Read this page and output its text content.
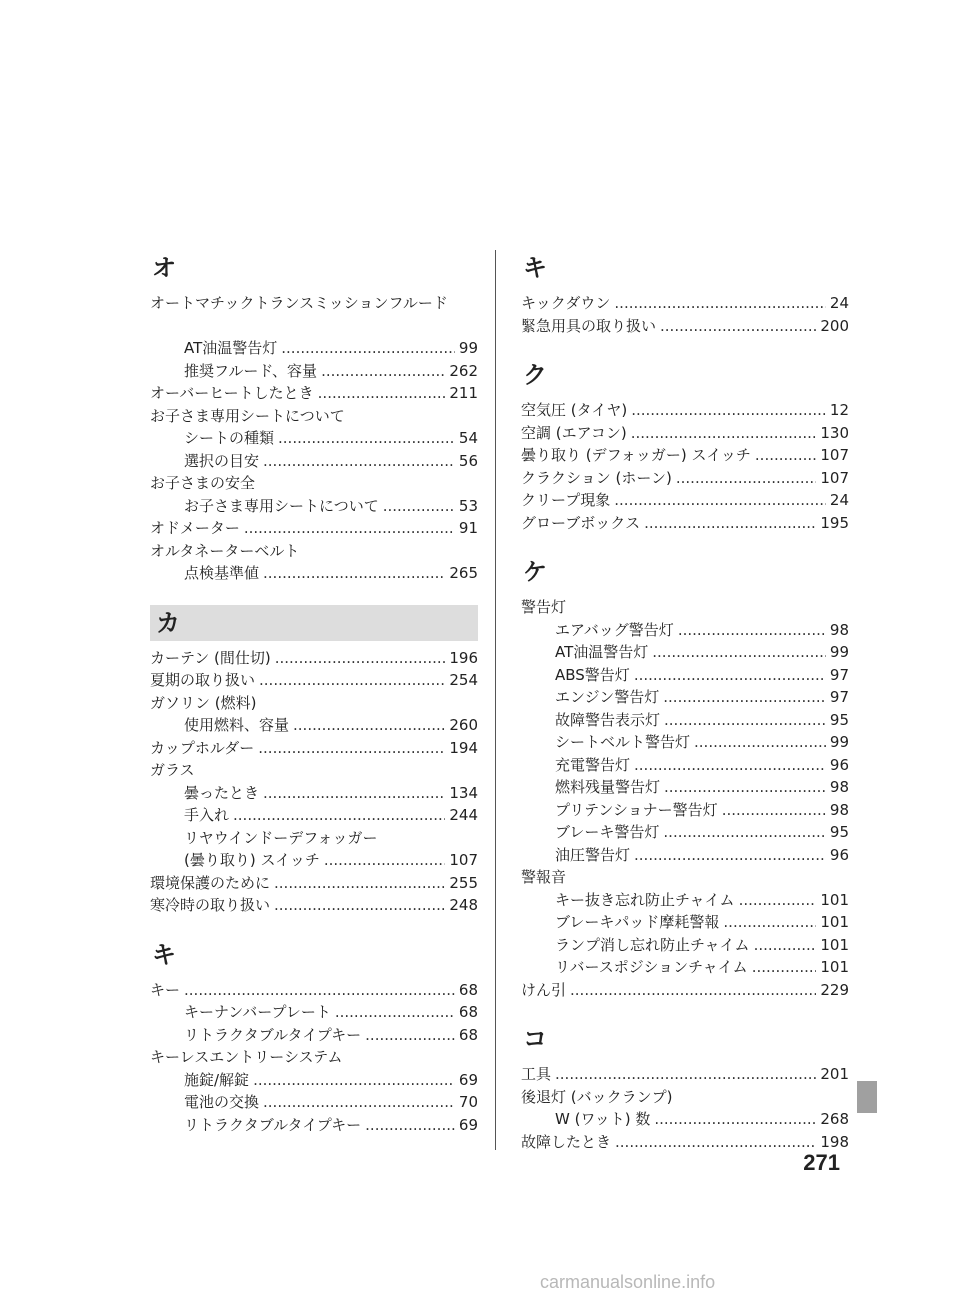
オ
オートマチックトランスミッションフルード
AT油温警告灯 .....	99
推奨フルード、容量 .....	262
オーバーヒートしたとき .....	211
お子さま専用シートについて
シートの種類 .....	54
選択の目安 .....	56
お子さまの安全
お子さま専用シートについて .....	53
オドメーター .....	91
オルタネーターベルト
点検基準値 .....	265
カ
カーテン (間仕切) .....	196
夏期の取り扱い .....	254
ガソリン (燃料)
使用燃料、容量 .....	260
カップホルダー .....	194
ガラス
曇ったとき .....	134
手入れ .....	244
リヤウインドーデフォッガー
(曇り取り) スイッチ .....	107
環境保護のために .....	255
寒冷時の取り扱い .....	248
キ
キー .....	68
キーナンバープレート .....	68
リトラクタブルタイプキー .....	68
キーレスエントリーシステム
施錠/解錠 .....	69
電池の交換 .....	70
リトラクタブルタイプキー .....	69
キ
キックダウン .....	24
緊急用具の取り扱い .....	200
ク
空気圧 (タイヤ) .....	12
空調 (エアコン) .....	130
曇り取り (デフォッガー) スイッチ .....	107
クラクション (ホーン) .....	107
クリープ現象 .....	24
グローブボックス .....	195
ケ
警告灯
エアバッグ警告灯 .....	98
AT油温警告灯 .....	99
ABS警告灯 .....	97
エンジン警告灯 .....	97
故障警告表示灯 .....	95
シートベルト警告灯 .....	99
充電警告灯 .....	96
燃料残量警告灯 .....	98
プリテンショナー警告灯 .....	98
ブレーキ警告灯 .....	95
油圧警告灯 .....	96
警報音
キー抜き忘れ防止チャイム .....	101
ブレーキパッド摩耗警報 .....	101
ランプ消し忘れ防止チャイム .....	101
リバースポジションチャイム .....	101
けん引 .....	229
コ
工具 .....	201
後退灯 (バックランプ)
W (ワット) 数 .....	268
故障したとき .....	198
271
carmanualsonline.info
